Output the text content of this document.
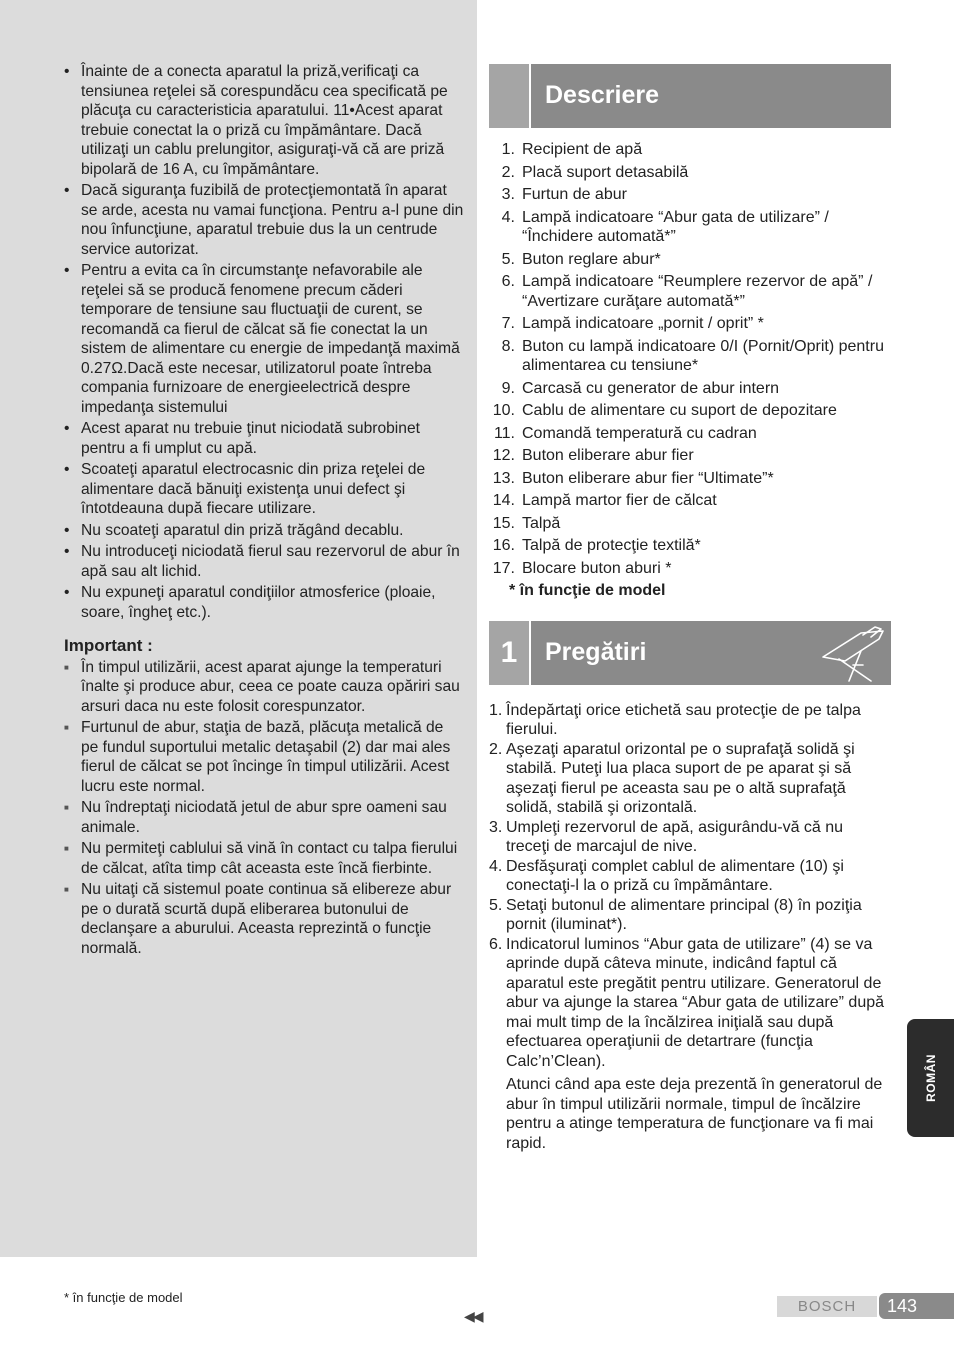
• Înainte de a conecta aparatul la priză,verificaţi ca tensiunea reţelei să corespundăcu cea specificată pe plăcuţa cu caracteristicia aparatului. 11•Acest aparat trebuie conectat la o priză cu împământare. Dacă utilizaţi un cablu prelungitor, asiguraţi-vă că are priză bipolară de 16 A, cu împământare.
• Dacă siguranţa fuzibilă de protecţiemontată în aparat se arde, acesta nu vamai funcţiona. Pentru a-l pune din nou înfuncţiune, aparatul trebuie dus la un centrude service autorizat.
• Pentru a evita ca în circumstanţe nefavorabile ale reţelei să se producă fenomene precum căderi temporare de tensiune sau fluctuaţii de curent, se recomandă ca fierul de călcat să fie conectat la un sistem de alimentare cu energie de impedanţă maximă 0.27Ω.Dacă este necesar, utilizatorul poate întreba compania furnizoare de energieelectrică despre impedanţa sistemului
• Acest aparat nu trebuie ţinut niciodată subrobinet pentru a fi umplut cu apă.
• Scoateţi aparatul electrocasnic din priza reţelei de alimentare dacă bănuiţi existenţa unui defect şi întotdeauna după fiecare utilizare.
• Nu scoateţi aparatul din priză trăgând decablu.
• Nu introduceţi niciodată fierul sau rezervorul de abur în apă sau alt lichid.
• Nu expuneţi aparatul condiţiilor atmosferice (ploaie, soare, îngheţ etc.).
Important :
■ În timpul utilizării, acest aparat ajunge la temperaturi înalte şi produce abur, ceea ce poate cauza opăriri sau arsuri daca nu este folosit corespunzator.
■ Furtunul de abur, staţia de bază, plăcuţa metalică de pe fundul suportului metalic detaşabil (2) dar mai ales fierul de călcat se pot încinge în timpul utilizării. Acest lucru este normal.
■ Nu îndreptaţi niciodată jetul de abur spre oameni sau animale.
■ Nu permiteţi cablului să vină în contact cu talpa fierului de călcat, atîta timp cât aceasta este încă fierbinte.
■ Nu uitaţi că sistemul poate continua să elibereze abur pe o durată scurtă după eliberarea butonului de declanşare a aburului. Aceasta reprezintă o funcţie normală.
Descriere
1. Recipient de apă
2. Placă suport detasabilă
3. Furtun de abur
4. Lampă indicatoare “Abur gata de utilizare” / “Închidere automată*”
5. Buton reglare abur*
6. Lampă indicatoare “Reumplere rezervor de apă” / “Avertizare curăţare automată*”
7. Lampă indicatoare „pornit / oprit” *
8. Buton cu lampă indicatoare 0/I (Pornit/Oprit) pentru alimentarea cu tensiune*
9. Carcasă cu generator de abur intern
10. Cablu de alimentare cu suport de depozitare
11. Comandă temperatură cu cadran
12. Buton eliberare abur fier
13. Buton eliberare abur fier “Ultimate”*
14. Lampă martor fier de călcat
15. Talpă
16. Talpă de protecţie textilă*
17. Blocare buton aburi *
* în funcţie de model
1	Pregătiri
1. Îndepărtaţi orice etichetă sau protecţie de pe talpa fierului.
2. Aşezaţi aparatul orizontal pe o suprafaţă solidă şi stabilă. Puteţi lua placa suport de pe aparat şi să aşezaţi fierul pe aceasta sau pe o altă suprafaţă solidă, stabilă şi orizontală.
3. Umpleţi rezervorul de apă, asigurându-vă că nu treceţi de marcajul de nive.
4. Desfăşuraţi complet cablul de alimentare (10) şi conectaţi-l la o priză cu împământare.
5. Setaţi butonul de alimentare principal (8) în poziţia pornit (iluminat*).
6. Indicatorul luminos “Abur gata de utilizare” (4) se va aprinde după câteva minute, indicând faptul că aparatul este pregătit pentru utilizare. Generatorul de abur va ajunge la starea “Abur gata de utilizare” după mai mult timp de la încălzirea iniţială sau după efectuarea operaţiunii de detartrare (funcţia Calc’n’Clean).
Atunci când apa este deja prezentă în generatorul de abur în timpul utilizării normale, timpul de încălzire pentru a atinge temperatura de funcţionare va fi mai rapid.
ROMÂN
* în funcţie de model
◀◀
BOSCH	143
